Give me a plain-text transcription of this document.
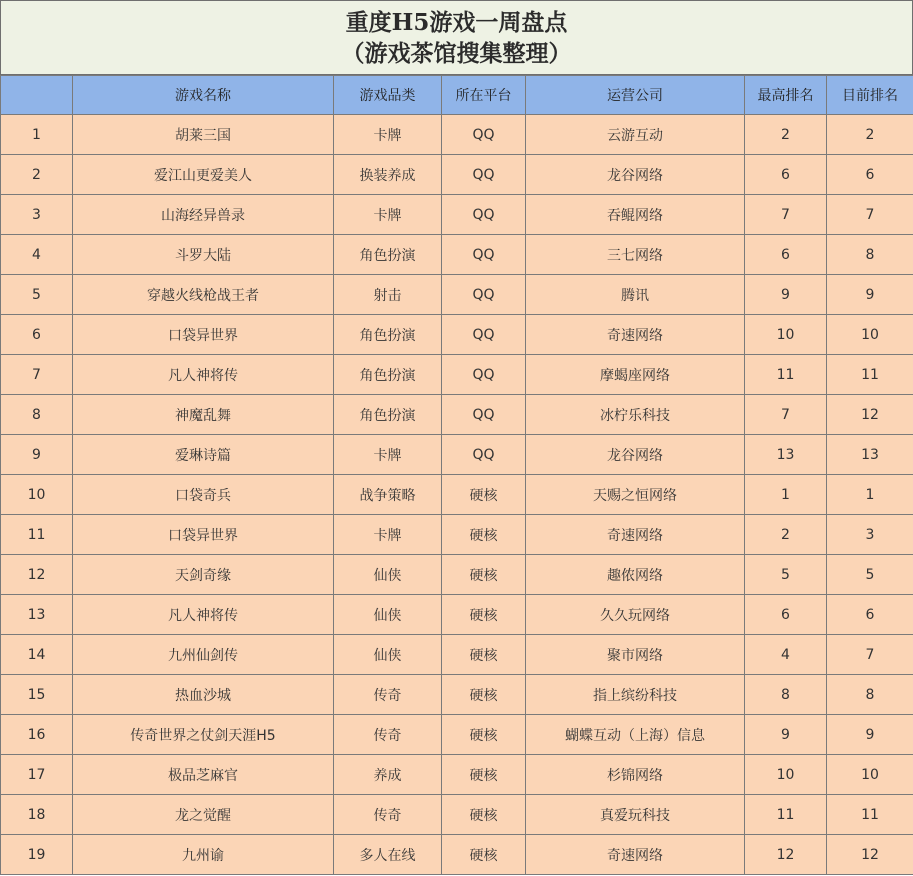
重度H5游戏一周盘点
（游戏茶馆搜集整理）
	游戏名称	游戏品类	所在平台	运营公司	最高排名	目前排名
1	胡莱三国	卡牌	QQ	云游互动	2	2
2	爱江山更爱美人	换装养成	QQ	龙谷网络	6	6
3	山海经异兽录	卡牌	QQ	吞鲲网络	7	7
4	斗罗大陆	角色扮演	QQ	三七网络	6	8
5	穿越火线枪战王者	射击	QQ	腾讯	9	9
6	口袋异世界	角色扮演	QQ	奇速网络	10	10
7	凡人神将传	角色扮演	QQ	摩蝎座网络	11	11
8	神魔乱舞	角色扮演	QQ	冰柠乐科技	7	12
9	爱琳诗篇	卡牌	QQ	龙谷网络	13	13
10	口袋奇兵	战争策略	硬核	天赐之恒网络	1	1
11	口袋异世界	卡牌	硬核	奇速网络	2	3
12	天剑奇缘	仙侠	硬核	趣侬网络	5	5
13	凡人神将传	仙侠	硬核	久久玩网络	6	6
14	九州仙剑传	仙侠	硬核	聚市网络	4	7
15	热血沙城	传奇	硬核	指上缤纷科技	8	8
16	传奇世界之仗剑天涯H5	传奇	硬核	蝴蝶互动（上海）信息	9	9
17	极品芝麻官	养成	硬核	杉锦网络	10	10
18	龙之觉醒	传奇	硬核	真爱玩科技	11	11
19	九州谕	多人在线	硬核	奇速网络	12	12
